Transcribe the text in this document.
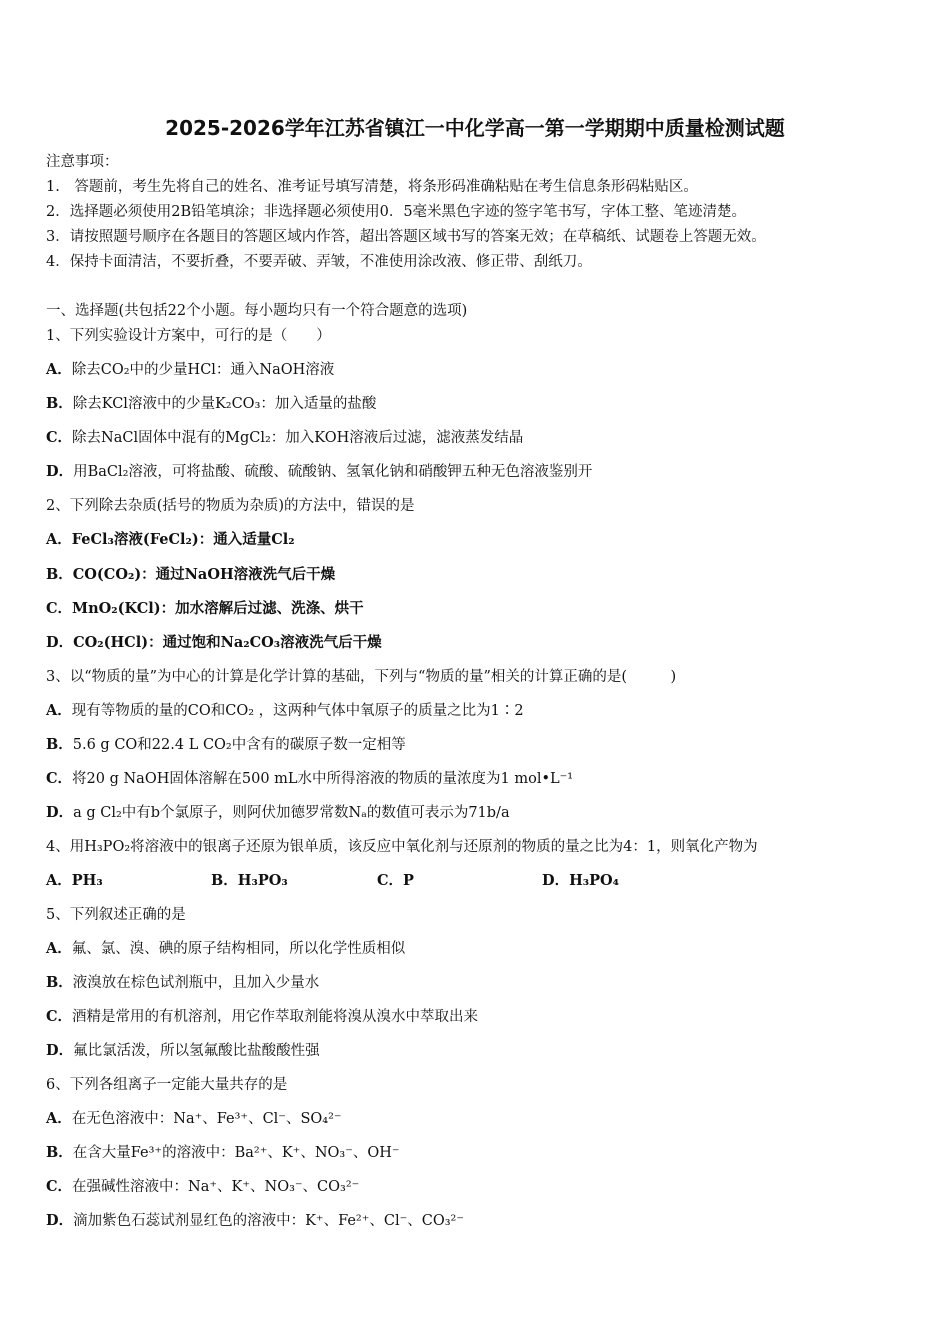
2025-2026学年江苏省镇江一中化学高一第一学期期中质量检测试题
注意事项：
1.　答题前，考生先将自己的姓名、准考证号填写清楚，将条形码准确粘贴在考生信息条形码粘贴区。
2．选择题必须使用2B铅笔填涂；非选择题必须使用0．5毫米黑色字迹的签字笔书写，字体工整、笔迹清楚。
3．请按照题号顺序在各题目的答题区域内作答，超出答题区域书写的答案无效；在草稿纸、试题卷上答题无效。
4．保持卡面清洁，不要折叠，不要弄破、弄皱，不准使用涂改液、修正带、刮纸刀。
一、选择题(共包括22个小题。每小题均只有一个符合题意的选项)
1、下列实验设计方案中，可行的是（　　）
A．除去CO₂中的少量HCl：通入NaOH溶液
B．除去KCl溶液中的少量K₂CO₃：加入适量的盐酸
C．除去NaCl固体中混有的MgCl₂：加入KOH溶液后过滤，滤液蒸发结晶
D．用BaCl₂溶液，可将盐酸、硫酸、硫酸钠、氢氧化钠和硝酸钾五种无色溶液鉴别开
2、下列除去杂质(括号的物质为杂质)的方法中，错误的是
A．FeCl₃溶液(FeCl₂)：通入适量Cl₂
B．CO(CO₂)：通过NaOH溶液洗气后干燥
C．MnO₂(KCl)：加水溶解后过滤、洗涤、烘干
D．CO₂(HCl)：通过饱和Na₂CO₃溶液洗气后干燥
3、以“物质的量”为中心的计算是化学计算的基础，下列与“物质的量”相关的计算正确的是(　　　)
A．现有等物质的量的CO和CO₂ ，这两种气体中氧原子的质量之比为1∶2
B．5.6 g CO和22.4 L CO₂中含有的碳原子数一定相等
C．将20 g NaOH固体溶解在500 mL水中所得溶液的物质的量浓度为1 mol•L⁻¹
D．a g Cl₂中有b个氯原子，则阿伏加德罗常数Nₐ的数值可表示为71b/a
4、用H₃PO₂将溶液中的银离子还原为银单质，该反应中氧化剂与还原剂的物质的量之比为4：1，则氧化产物为
A．PH₃	B．H₃PO₃	C．P	D．H₃PO₄
5、下列叙述正确的是
A．氟、氯、溴、碘的原子结构相同，所以化学性质相似
B．液溴放在棕色试剂瓶中，且加入少量水
C．酒精是常用的有机溶剂，用它作萃取剂能将溴从溴水中萃取出来
D．氟比氯活泼，所以氢氟酸比盐酸酸性强
6、下列各组离子一定能大量共存的是
A．在无色溶液中：Na⁺、Fe³⁺、Cl⁻、SO₄²⁻
B．在含大量Fe³⁺的溶液中：Ba²⁺、K⁺、NO₃⁻、OH⁻
C．在强碱性溶液中：Na⁺、K⁺、NO₃⁻、CO₃²⁻
D．滴加紫色石蕊试剂显红色的溶液中：K⁺、Fe²⁺、Cl⁻、CO₃²⁻
